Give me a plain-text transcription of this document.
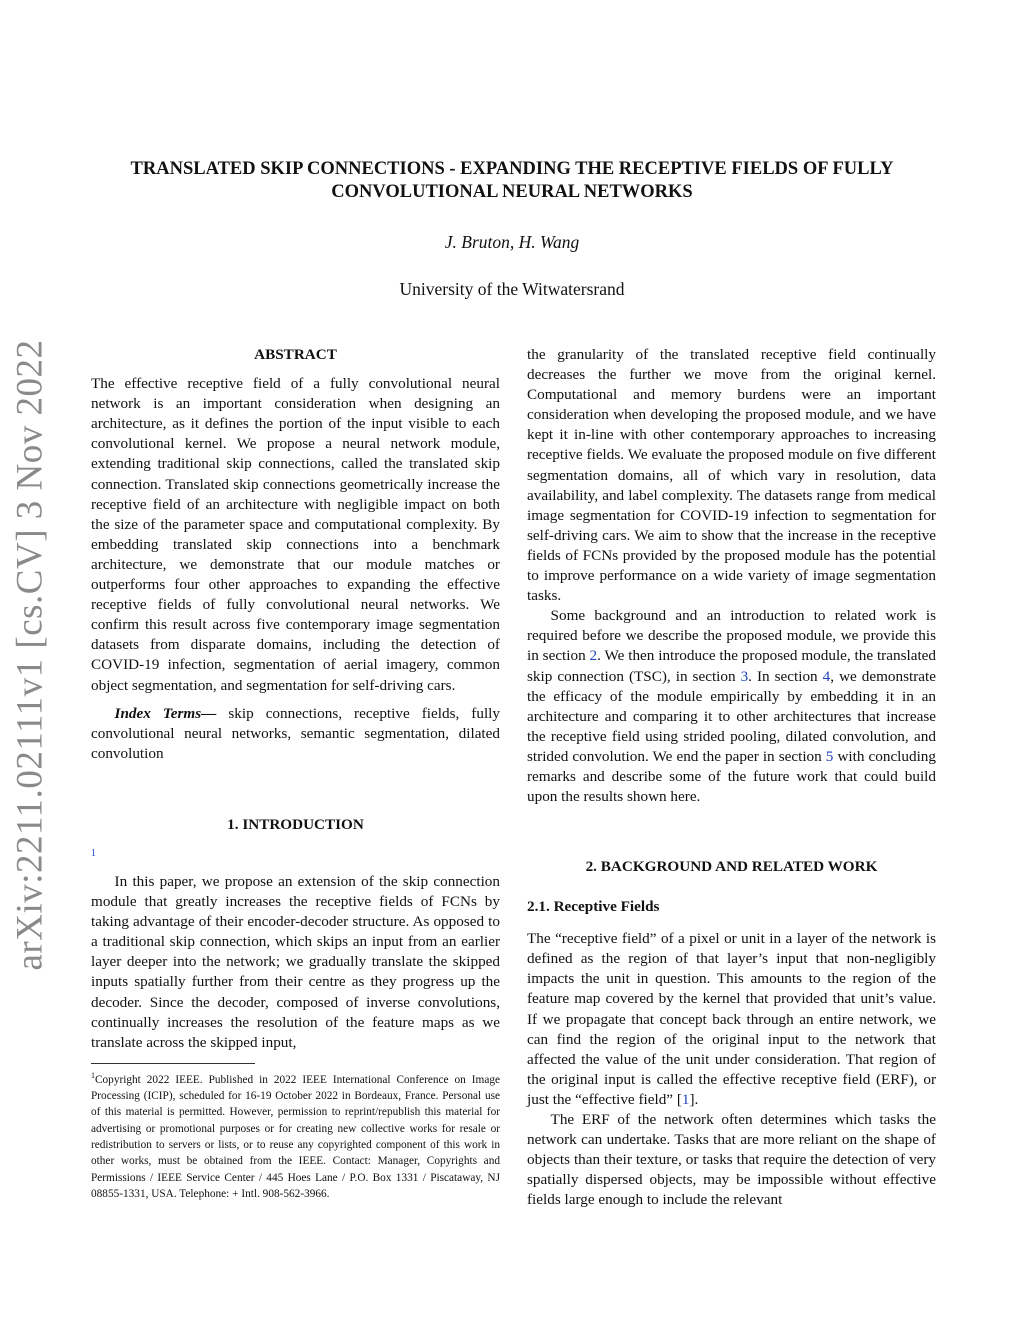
arXiv:2211.02111v1 [cs.CV] 3 Nov 2022
TRANSLATED SKIP CONNECTIONS - EXPANDING THE RECEPTIVE FIELDS OF FULLY CONVOLUTIONAL NEURAL NETWORKS
J. Bruton, H. Wang
University of the Witwatersrand

ABSTRACT

The effective receptive field of a fully convolutional neural network is an important consideration when designing an architecture, as it defines the portion of the input visible to each convolutional kernel. We propose a neural network module, extending traditional skip connections, called the translated skip connection. Translated skip connections geometrically increase the receptive field of an architecture with negligible impact on both the size of the parameter space and computational complexity. By embedding translated skip connections into a benchmark architecture, we demonstrate that our module matches or outperforms four other approaches to expanding the effective receptive fields of fully convolutional neural networks. We confirm this result across five contemporary image segmentation datasets from disparate domains, including the detection of COVID-19 infection, segmentation of aerial imagery, common object segmentation, and segmentation for self-driving cars.

Index Terms— skip connections, receptive fields, fully convolutional neural networks, semantic segmentation, dilated convolution

1. INTRODUCTION

1

In this paper, we propose an extension of the skip connection module that greatly increases the receptive fields of FCNs by taking advantage of their encoder-decoder structure. As opposed to a traditional skip connection, which skips an input from an earlier layer deeper into the network; we gradually translate the skipped inputs spatially further from their centre as they progress up the decoder. Since the decoder, composed of inverse convolutions, continually increases the resolution of the feature maps as we translate across the skipped input,

$^1$Copyright 2022 IEEE. Published in 2022 IEEE International Conference on Image Processing (ICIP), scheduled for 16-19 October 2022 in Bordeaux, France. Personal use of this material is permitted. However, permission to reprint/republish this material for advertising or promotional purposes or for creating new collective works for resale or redistribution to servers or lists, or to reuse any copyrighted component of this work in other works, must be obtained from the IEEE. Contact: Manager, Copyrights and Permissions / IEEE Service Center / 445 Hoes Lane / P.O. Box 1331 / Piscataway, NJ 08855-1331, USA. Telephone: + Intl. 908-562-3966.

the granularity of the translated receptive field continually decreases the further we move from the original kernel. Computational and memory burdens were an important consideration when developing the proposed module, and we have kept it in-line with other contemporary approaches to increasing receptive fields. We evaluate the proposed module on five different segmentation domains, all of which vary in resolution, data availability, and label complexity. The datasets range from medical image segmentation for COVID-19 infection to segmentation for self-driving cars. We aim to show that the increase in the receptive fields of FCNs provided by the proposed module has the potential to improve performance on a wide variety of image segmentation tasks.

Some background and an introduction to related work is required before we describe the proposed module, we provide this in section 2. We then introduce the proposed module, the translated skip connection (TSC), in section 3. In section 4, we demonstrate the efficacy of the module empirically by embedding it in an architecture and comparing it to other architectures that increase the receptive field using strided pooling, dilated convolution, and strided convolution. We end the paper in section 5 with concluding remarks and describe some of the future work that could build upon the results shown here.

2. BACKGROUND AND RELATED WORK

2.1. Receptive Fields

The “receptive field” of a pixel or unit in a layer of the network is defined as the region of that layer’s input that non-negligibly impacts the unit in question. This amounts to the region of the feature map covered by the kernel that provided that unit’s value. If we propagate that concept back through an entire network, we can find the region of the original input to the network that affected the value of the unit under consideration. That region of the original input is called the effective receptive field (ERF), or just the “effective field” [1].

The ERF of the network often determines which tasks the network can undertake. Tasks that are more reliant on the shape of objects than their texture, or tasks that require the detection of very spatially dispersed objects, may be impossible without effective fields large enough to include the relevant
